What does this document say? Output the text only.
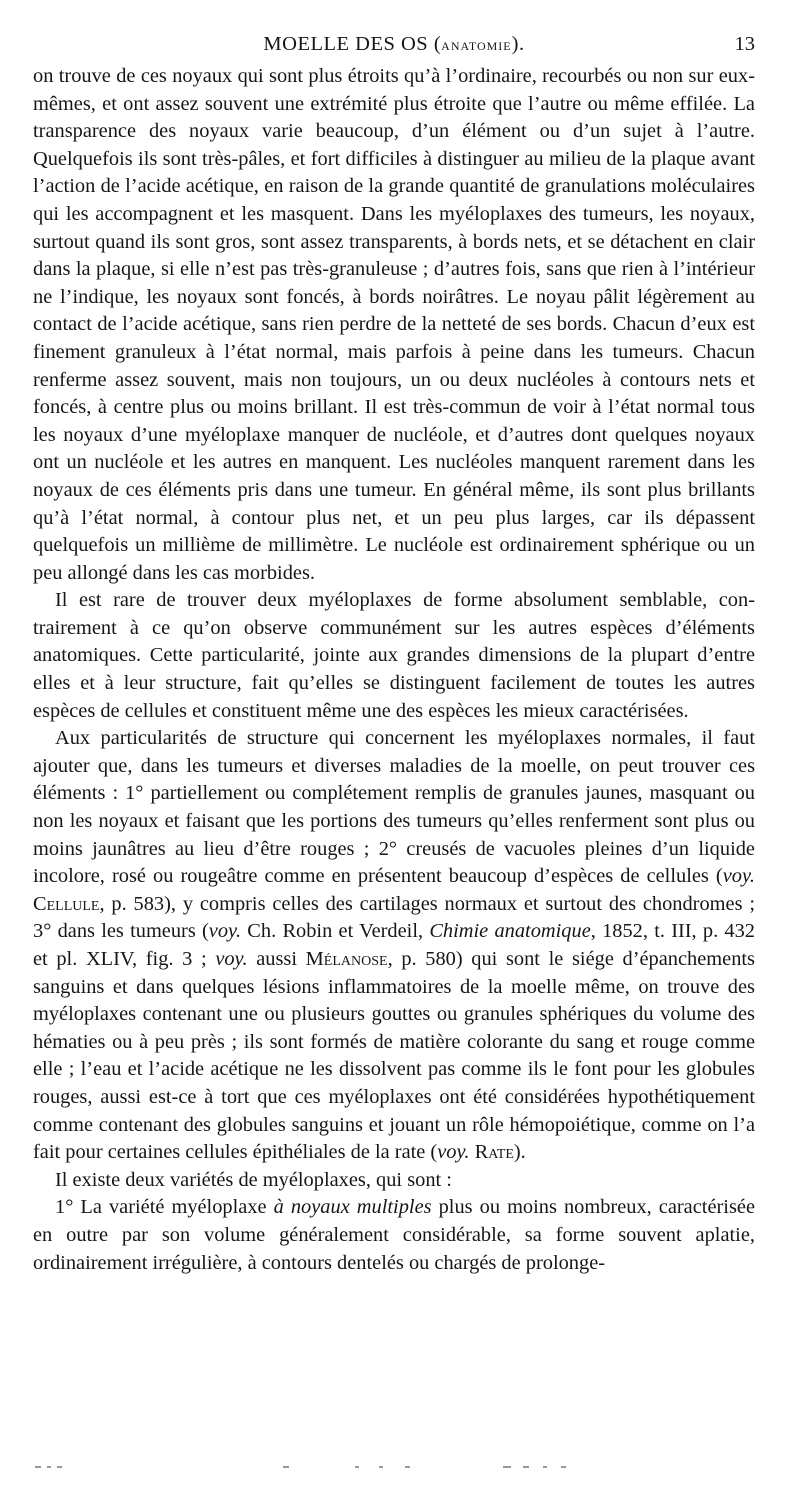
MOELLE DES OS (anatomie).	13

on trouve de ces noyaux qui sont plus étroits qu’à l’ordinaire, recourbés ou non sur eux-mêmes, et ont assez souvent une extrémité plus étroite que l’autre ou même effilée. La transparence des noyaux varie beaucoup, d’un élément ou d’un sujet à l’autre. Quelquefois ils sont très-pâles, et fort difficiles à distinguer au milieu de la plaque avant l’action de l’acide acétique, en raison de la grande quantité de granulations moléculaires qui les accompagnent et les masquent. Dans les myéloplaxes des tumeurs, les noyaux, surtout quand ils sont gros, sont assez transparents, à bords nets, et se détachent en clair dans la plaque, si elle n’est pas très-granuleuse ; d’autres fois, sans que rien à l’intérieur ne l’indique, les noyaux sont foncés, à bords noirâtres. Le noyau pâlit légèrement au contact de l’acide acétique, sans rien perdre de la netteté de ses bords. Chacun d’eux est finement granuleux à l’état normal, mais parfois à peine dans les tumeurs. Chacun renferme assez souvent, mais non toujours, un ou deux nucléoles à contours nets et foncés, à centre plus ou moins brillant. Il est très-commun de voir à l’état normal tous les noyaux d’une myéloplaxe manquer de nucléole, et d’autres dont quelques noyaux ont un nucléole et les autres en manquent. Les nucléoles manquent rarement dans les noyaux de ces éléments pris dans une tumeur. En général même, ils sont plus brillants qu’à l’état normal, à contour plus net, et un peu plus larges, car ils dépassent quelquefois un millième de millimètre. Le nucléole est ordinairement sphérique ou un peu allongé dans les cas morbides.

Il est rare de trouver deux myéloplaxes de forme absolument semblable, contrairement à ce qu’on observe communément sur les autres espèces d’éléments anatomiques. Cette particularité, jointe aux grandes dimensions de la plupart d’entre elles et à leur structure, fait qu’elles se distinguent facilement de toutes les autres espèces de cellules et constituent même une des espèces les mieux caractérisées.

Aux particularités de structure qui concernent les myéloplaxes normales, il faut ajouter que, dans les tumeurs et diverses maladies de la moelle, on peut trouver ces éléments : 1° partiellement ou complétement remplis de granules jaunes, masquant ou non les noyaux et faisant que les portions des tumeurs qu’elles renferment sont plus ou moins jaunâtres au lieu d’être rouges ; 2° creusés de vacuoles pleines d’un liquide incolore, rosé ou rougeâtre comme en présentent beaucoup d’espèces de cellules (voy. Cellule, p. 583), y compris celles des cartilages normaux et surtout des chondromes ; 3° dans les tumeurs (voy. Ch. Robin et Verdeil, Chimie anatomique, 1852, t. III, p. 432 et pl. XLIV, fig. 3 ; voy. aussi Mélanose, p. 580) qui sont le siége d’épanchements sanguins et dans quelques lésions inflammatoires de la moelle même, on trouve des myéloplaxes contenant une ou plusieurs gouttes ou granules sphériques du volume des hématies ou à peu près ; ils sont formés de matière colorante du sang et rouge comme elle ; l’eau et l’acide acétique ne les dissolvent pas comme ils le font pour les globules rouges, aussi est-ce à tort que ces myéloplaxes ont été considérées hypothétiquement comme contenant des globules sanguins et jouant un rôle hémopoiétique, comme on l’a fait pour certaines cellules épithéliales de la rate (voy. Rate).

Il existe deux variétés de myéloplaxes, qui sont :

1° La variété myéloplaxe à noyaux multiples plus ou moins nombreux, caractérisée en outre par son volume généralement considérable, sa forme souvent aplatie, ordinairement irrégulière, à contours dentelés ou chargés de prolonge-
